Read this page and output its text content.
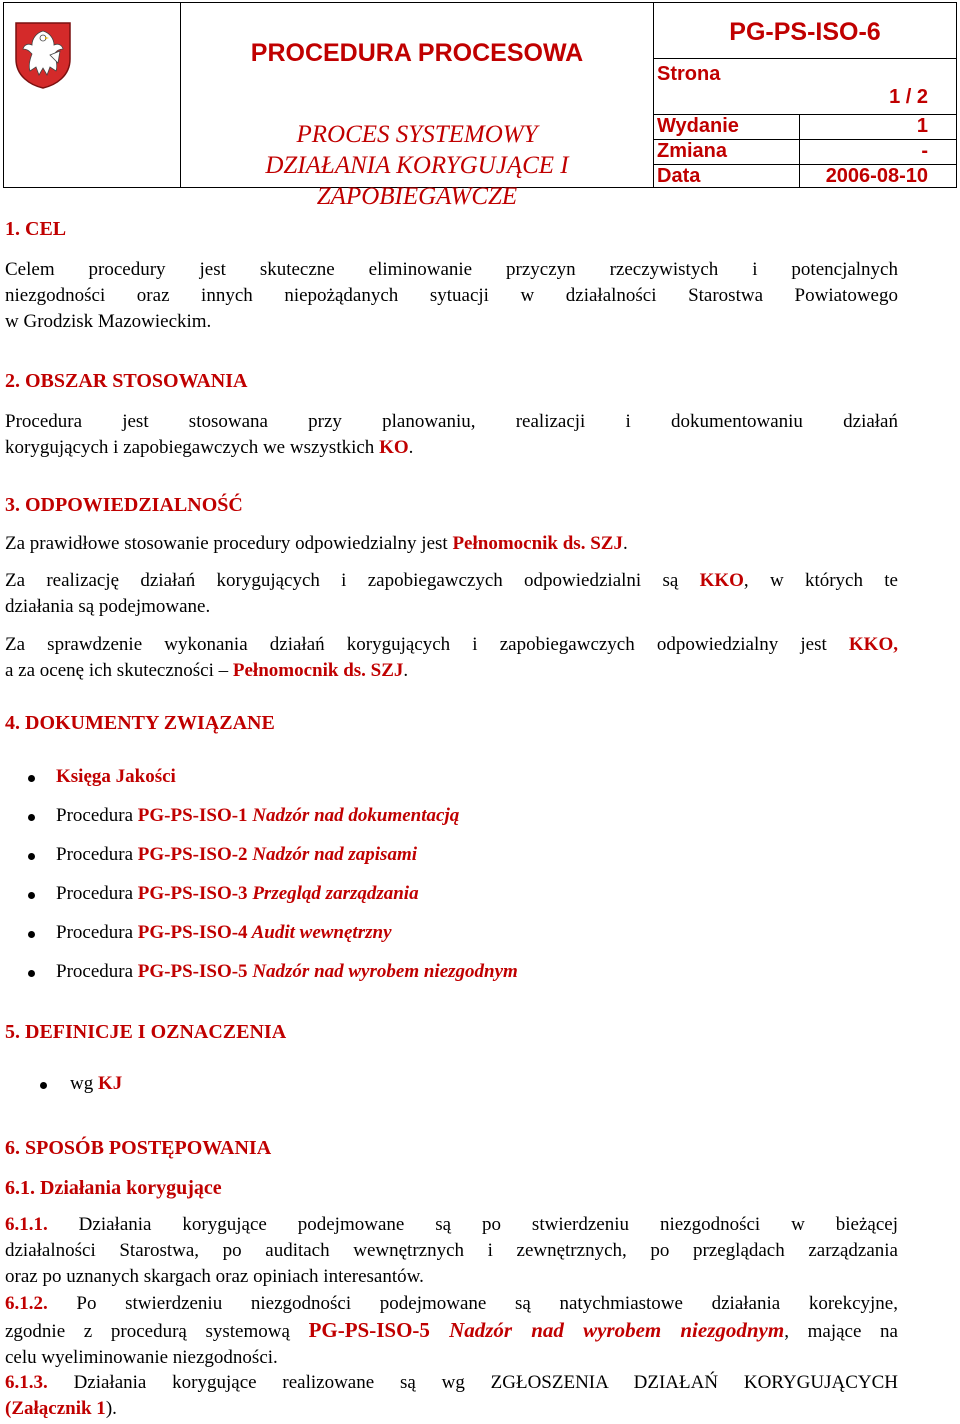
PROCEDURA PROCESOWA
PROCES SYSTEMOWY
DZIAŁANIA KORYGUJĄCE I ZAPOBIEGAWCZE
PG-PS-ISO-6
Strona
1 / 2
Wydanie	1
Zmiana	-
Data	2006-08-10
1. CEL
Celem procedury jest skuteczne eliminowanie przyczyn rzeczywistych i potencjalnych
niezgodności oraz innych niepożądanych sytuacji w działalności Starostwa Powiatowego
w Grodzisk Mazowieckim.
2. OBSZAR STOSOWANIA
Procedura jest stosowana przy planowaniu, realizacji i dokumentowaniu działań
korygujących i zapobiegawczych we wszystkich KO.
3. ODPOWIEDZIALNOŚĆ
Za prawidłowe stosowanie procedury odpowiedzialny jest Pełnomocnik ds. SZJ.
Za realizację działań korygujących i zapobiegawczych odpowiedzialni są KKO, w których te
działania są podejmowane.
Za sprawdzenie wykonania działań korygujących i zapobiegawczych odpowiedzialny jest KKO,
a za ocenę ich skuteczności – Pełnomocnik ds. SZJ.
4. DOKUMENTY ZWIĄZANE
Księga Jakości
Procedura PG-PS-ISO-1 Nadzór nad dokumentacją
Procedura PG-PS-ISO-2 Nadzór nad zapisami
Procedura PG-PS-ISO-3 Przegląd zarządzania
Procedura PG-PS-ISO-4 Audit wewnętrzny
Procedura PG-PS-ISO-5 Nadzór nad wyrobem niezgodnym
5. DEFINICJE I OZNACZENIA
wg KJ
6. SPOSÓB POSTĘPOWANIA
6.1. Działania korygujące
6.1.1. Działania korygujące podejmowane są po stwierdzeniu niezgodności w bieżącej
działalności Starostwa, po auditach wewnętrznych i zewnętrznych, po przeglądach zarządzania
oraz po uznanych skargach oraz opiniach interesantów.
6.1.2. Po stwierdzeniu niezgodności podejmowane są natychmiastowe działania korekcyjne,
zgodnie z procedurą systemową PG-PS-ISO-5 Nadzór nad wyrobem niezgodnym, mające na
celu wyeliminowanie niezgodności.
6.1.3. Działania korygujące realizowane są wg ZGŁOSZENIA DZIAŁAŃ KORYGUJĄCYCH
(Załącznik 1).
